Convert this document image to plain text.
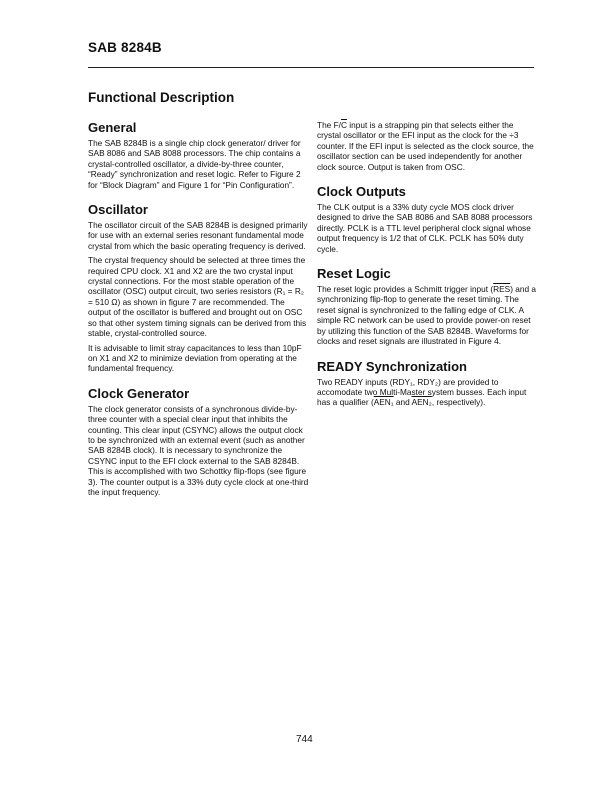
SAB 8284B
Functional Description
General

The SAB 8284B is a single chip clock generator/ driver for SAB 8086 and SAB 8088 processors. The chip contains a crystal-controlled oscillator, a divide-by-three counter, “Ready” synchronization and reset logic. Refer to Figure 2 for “Block Diagram” and Figure 1 for “Pin Configuration”.

Oscillator

The oscillator circuit of the SAB 8284B is designed primarily for use with an external series resonant fundamental mode crystal from which the basic operating frequency is derived.

The crystal frequency should be selected at three times the required CPU clock. X1 and X2 are the two crystal input crystal connections. For the most stable operation of the oscillator (OSC) output circuit, two series resistors (R₁ = R₂ = 510 Ω) as shown in figure 7 are recommended. The output of the oscillator is buffered and brought out on OSC so that other system timing signals can be derived from this stable, crystal-controlled source.

It is advisable to limit stray capacitances to less than 10pF on X1 and X2 to minimize deviation from operating at the fundamental frequency.

Clock Generator

The clock generator consists of a synchronous divide-by-three counter with a special clear input that inhibits the counting. This clear input (CSYNC) allows the output clock to be synchronized with an external event (such as another SAB 8284B clock). It is necessary to synchronize the CSYNC input to the EFI clock external to the SAB 8284B. This is accomplished with two Schottky flip-flops (see figure 3). The counter output is a 33% duty cycle clock at one-third the input frequency.

The $F/\overline{C}$ input is a strapping pin that selects either the crystal oscillator or the EFI input as the clock for the ÷3 counter. If the EFI input is selected as the clock source, the oscillator section can be used independently for another clock source. Output is taken from OSC.

Clock Outputs

The CLK output is a 33% duty cycle MOS clock driver designed to drive the SAB 8086 and SAB 8088 processors directly. PCLK is a TTL level peripheral clock signal whose output frequency is 1/2 that of CLK. PCLK has 50% duty cycle.

Reset Logic

The reset logic provides a Schmitt trigger input $(\overline{RES})$ and a synchronizing flip-flop to generate the reset timing. The reset signal is synchronized to the falling edge of CLK. A simple RC network can be used to provide power-on reset by utilizing this function of the SAB 8284B. Waveforms for clocks and reset signals are illustrated in Figure 4.

READY Synchronization

Two READY inputs (RDY₁, RDY₂) are provided to accomodate two Multi-Master system busses. Each input has a qualifier (AEN₁ and AEN₂, respectively).

744
